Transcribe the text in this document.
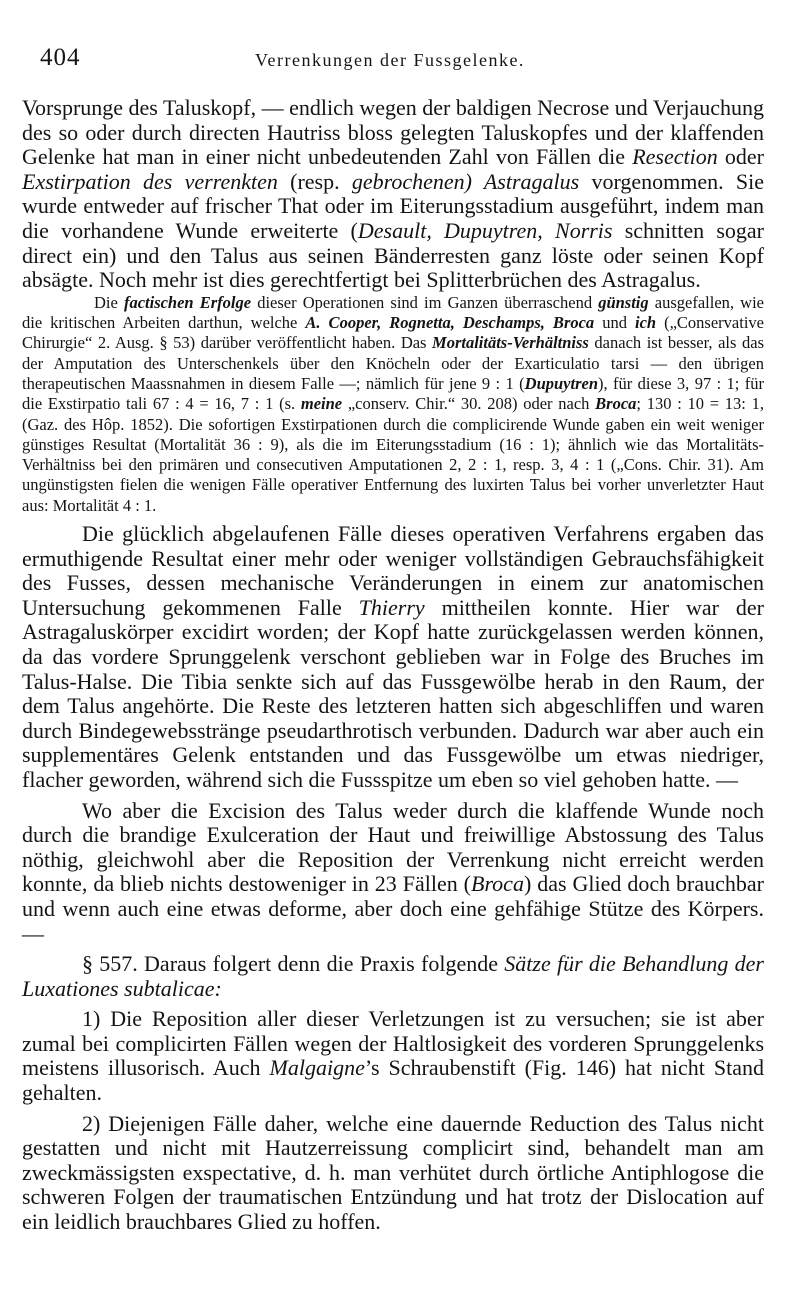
404	Verrenkungen der Fussgelenke.

Vorsprunge des Taluskopf, — endlich wegen der baldigen Necrose und Verjauchung des so oder durch directen Hautriss bloss gelegten Taluskopfes und der klaffenden Gelenke hat man in einer nicht unbedeutenden Zahl von Fällen die Resection oder Exstirpation des verrenkten (resp. gebrochenen) Astragalus vorgenommen. Sie wurde entweder auf frischer That oder im Eiterungsstadium ausgeführt, indem man die vorhandene Wunde erweiterte (Desault, Dupuytren, Norris schnitten sogar direct ein) und den Talus aus seinen Bänderresten ganz löste oder seinen Kopf absägte. Noch mehr ist dies gerechtfertigt bei Splitterbrüchen des Astragalus.

Die factischen Erfolge dieser Operationen sind im Ganzen überraschend günstig ausgefallen, wie die kritischen Arbeiten darthun, welche A. Cooper, Rognetta, Deschamps, Broca und ich („Conservative Chirurgie“ 2. Ausg. § 53) darüber veröffentlicht haben. Das Mortalitäts-Verhältniss danach ist besser, als das der Amputation des Unterschenkels über den Knöcheln oder der Exarticulatio tarsi — den übrigen therapeutischen Maassnahmen in diesem Falle —; nämlich für jene 9 : 1 (Dupuytren), für diese 3, 97 : 1; für die Exstirpatio tali 67 : 4 = 16, 7 : 1 (s. meine „conserv. Chir.“ 30. 208) oder nach Broca; 130 : 10 = 13: 1, (Gaz. des Hôp. 1852). Die sofortigen Exstirpationen durch die complicirende Wunde gaben ein weit weniger günstiges Resultat (Mortalität 36 : 9), als die im Eiterungsstadium (16 : 1); ähnlich wie das Mortalitäts-Verhältniss bei den primären und consecutiven Amputationen 2, 2 : 1, resp. 3, 4 : 1 („Cons. Chir. 31). Am ungünstigsten fielen die wenigen Fälle operativer Entfernung des luxirten Talus bei vorher unverletzter Haut aus: Mortalität 4 : 1.

Die glücklich abgelaufenen Fälle dieses operativen Verfahrens ergaben das ermuthigende Resultat einer mehr oder weniger vollständigen Gebrauchsfähigkeit des Fusses, dessen mechanische Veränderungen in einem zur anatomischen Untersuchung gekommenen Falle Thierry mittheilen konnte. Hier war der Astragaluskörper excidirt worden; der Kopf hatte zurückgelassen werden können, da das vordere Sprunggelenk verschont geblieben war in Folge des Bruches im Talus-Halse. Die Tibia senkte sich auf das Fussgewölbe herab in den Raum, der dem Talus angehörte. Die Reste des letzteren hatten sich abgeschliffen und waren durch Bindegewebsstränge pseudarthrotisch verbunden. Dadurch war aber auch ein supplementäres Gelenk entstanden und das Fussgewölbe um etwas niedriger, flacher geworden, während sich die Fussspitze um eben so viel gehoben hatte. —

Wo aber die Excision des Talus weder durch die klaffende Wunde noch durch die brandige Exulceration der Haut und freiwillige Abstossung des Talus nöthig, gleichwohl aber die Reposition der Verrenkung nicht erreicht werden konnte, da blieb nichts destoweniger in 23 Fällen (Broca) das Glied doch brauchbar und wenn auch eine etwas deforme, aber doch eine gehfähige Stütze des Körpers. —

§ 557. Daraus folgert denn die Praxis folgende Sätze für die Behandlung der Luxationes subtalicae:

1) Die Reposition aller dieser Verletzungen ist zu versuchen; sie ist aber zumal bei complicirten Fällen wegen der Haltlosigkeit des vorderen Sprunggelenks meistens illusorisch. Auch Malgaigne’s Schraubenstift (Fig. 146) hat nicht Stand gehalten.

2) Diejenigen Fälle daher, welche eine dauernde Reduction des Talus nicht gestatten und nicht mit Hautzerreissung complicirt sind, behandelt man am zweckmässigsten exspectative, d. h. man verhütet durch örtliche Antiphlogose die schweren Folgen der traumatischen Entzündung und hat trotz der Dislocation auf ein leidlich brauchbares Glied zu hoffen.
